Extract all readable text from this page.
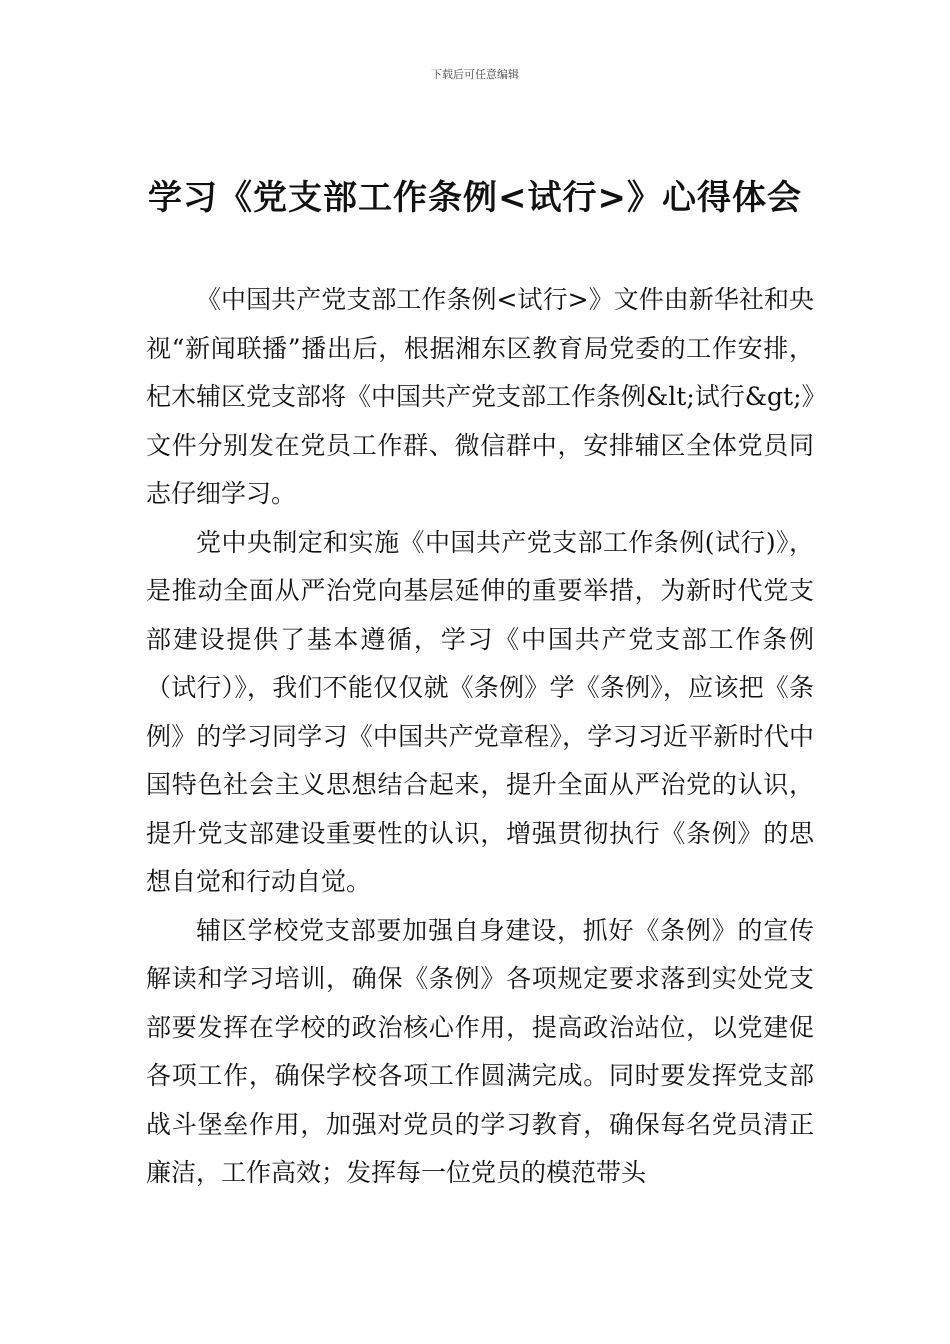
下载后可任意编辑
学习《党支部工作条例<试行>》心得体会

《中国共产党支部工作条例<试行>》文件由新华社和央视“新闻联播”播出后，根据湘东区教育局党委的工作安排，杞木辅区党支部将《中国共产党支部工作条例&lt;试行&gt;》文件分别发在党员工作群、微信群中，安排辅区全体党员同志仔细学习。

党中央制定和实施《中国共产党支部工作条例(试行)》，是推动全面从严治党向基层延伸的重要举措，为新时代党支部建设提供了基本遵循，学习《中国共产党支部工作条例（试行）》，我们不能仅仅就《条例》学《条例》，应该把《条例》的学习同学习《中国共产党章程》，学习习近平新时代中国特色社会主义思想结合起来，提升全面从严治党的认识，提升党支部建设重要性的认识，增强贯彻执行《条例》的思想自觉和行动自觉。

辅区学校党支部要加强自身建设，抓好《条例》的宣传解读和学习培训，确保《条例》各项规定要求落到实处党支部要发挥在学校的政治核心作用，提高政治站位，以党建促各项工作，确保学校各项工作圆满完成。同时要发挥党支部战斗堡垒作用，加强对党员的学习教育，确保每名党员清正廉洁，工作高效；发挥每一位党员的模范带头
